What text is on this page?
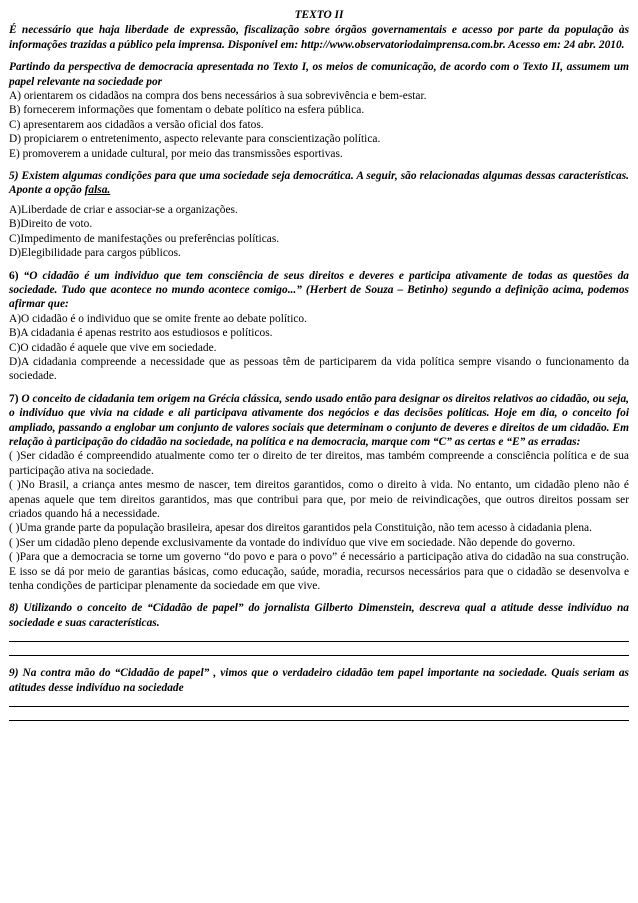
TEXTO II

É necessário que haja liberdade de expressão, fiscalização sobre órgãos governamentais e acesso por parte da população às informações trazidas a público pela imprensa. Disponível em: http://www.observatoriodaimprensa.com.br. Acesso em: 24 abr. 2010.

Partindo da perspectiva de democracia apresentada no Texto I, os meios de comunicação, de acordo com o Texto II, assumem um papel relevante na sociedade por

A) orientarem os cidadãos na compra dos bens necessários à sua sobrevivência e bem-estar.

B) fornecerem informações que fomentam o debate político na esfera pública.

C) apresentarem aos cidadãos a versão oficial dos fatos.

D) propiciarem o entretenimento, aspecto relevante para conscientização política.

E) promoverem a unidade cultural, por meio das transmissões esportivas.

5) Existem algumas condições para que uma sociedade seja democrática. A seguir, são relacionadas algumas dessas características. Aponte a opção falsa.

A)Liberdade de criar e associar-se a organizações.

B)Direito de voto.

C)Impedimento de manifestações ou preferências políticas.

D)Elegibilidade para cargos públicos.

6) “O cidadão é um individuo que tem consciência de seus direitos e deveres e participa ativamente de todas as questões da sociedade. Tudo que acontece no mundo acontece comigo...” (Herbert de Souza – Betinho) segundo a definição acima, podemos afirmar que:

A)O cidadão é o individuo que se omite frente ao debate político.

B)A cidadania é apenas restrito aos estudiosos e políticos.

C)O cidadão é aquele que vive em sociedade.

D)A cidadania compreende a necessidade que as pessoas têm de participarem da vida política sempre visando o funcionamento da sociedade.

7) O conceito de cidadania tem origem na Grécia clássica, sendo usado então para designar os direitos relativos ao cidadão, ou seja, o indivíduo que vivia na cidade e ali participava ativamente dos negócios e das decisões políticas. Hoje em dia, o conceito foi ampliado, passando a englobar um conjunto de valores sociais que determinam o conjunto de deveres e direitos de um cidadão. Em relação à participação do cidadão na sociedade, na política e na democracia, marque com “C” as certas e “E” as erradas:

( )Ser cidadão é compreendido atualmente como ter o direito de ter direitos, mas também compreende a consciência política e de sua participação ativa na sociedade.

( )No Brasil, a criança antes mesmo de nascer, tem direitos garantidos, como o direito à vida. No entanto, um cidadão pleno não é apenas aquele que tem direitos garantidos, mas que contribui para que, por meio de reivindicações, que outros direitos possam ser criados quando há a necessidade.

( )Uma grande parte da população brasileira, apesar dos direitos garantidos pela Constituição, não tem acesso à cidadania plena.

( )Ser um cidadão pleno depende exclusivamente da vontade do indivíduo que vive em sociedade. Não depende do governo.

( )Para que a democracia se torne um governo “do povo e para o povo” é necessário a participação ativa do cidadão na sua construção. E isso se dá por meio de garantias básicas, como educação, saúde, moradia, recursos necessários para que o cidadão se desenvolva e tenha condições de participar plenamente da sociedade em que vive.

8) Utilizando o conceito de “Cidadão de papel” do jornalista Gilberto Dimenstein, descreva qual a atitude desse indivíduo na sociedade e suas características.

9) Na contra mão do “Cidadão de papel” , vimos que o verdadeiro cidadão tem papel importante na sociedade. Quais seriam as atitudes desse indivíduo na sociedade
